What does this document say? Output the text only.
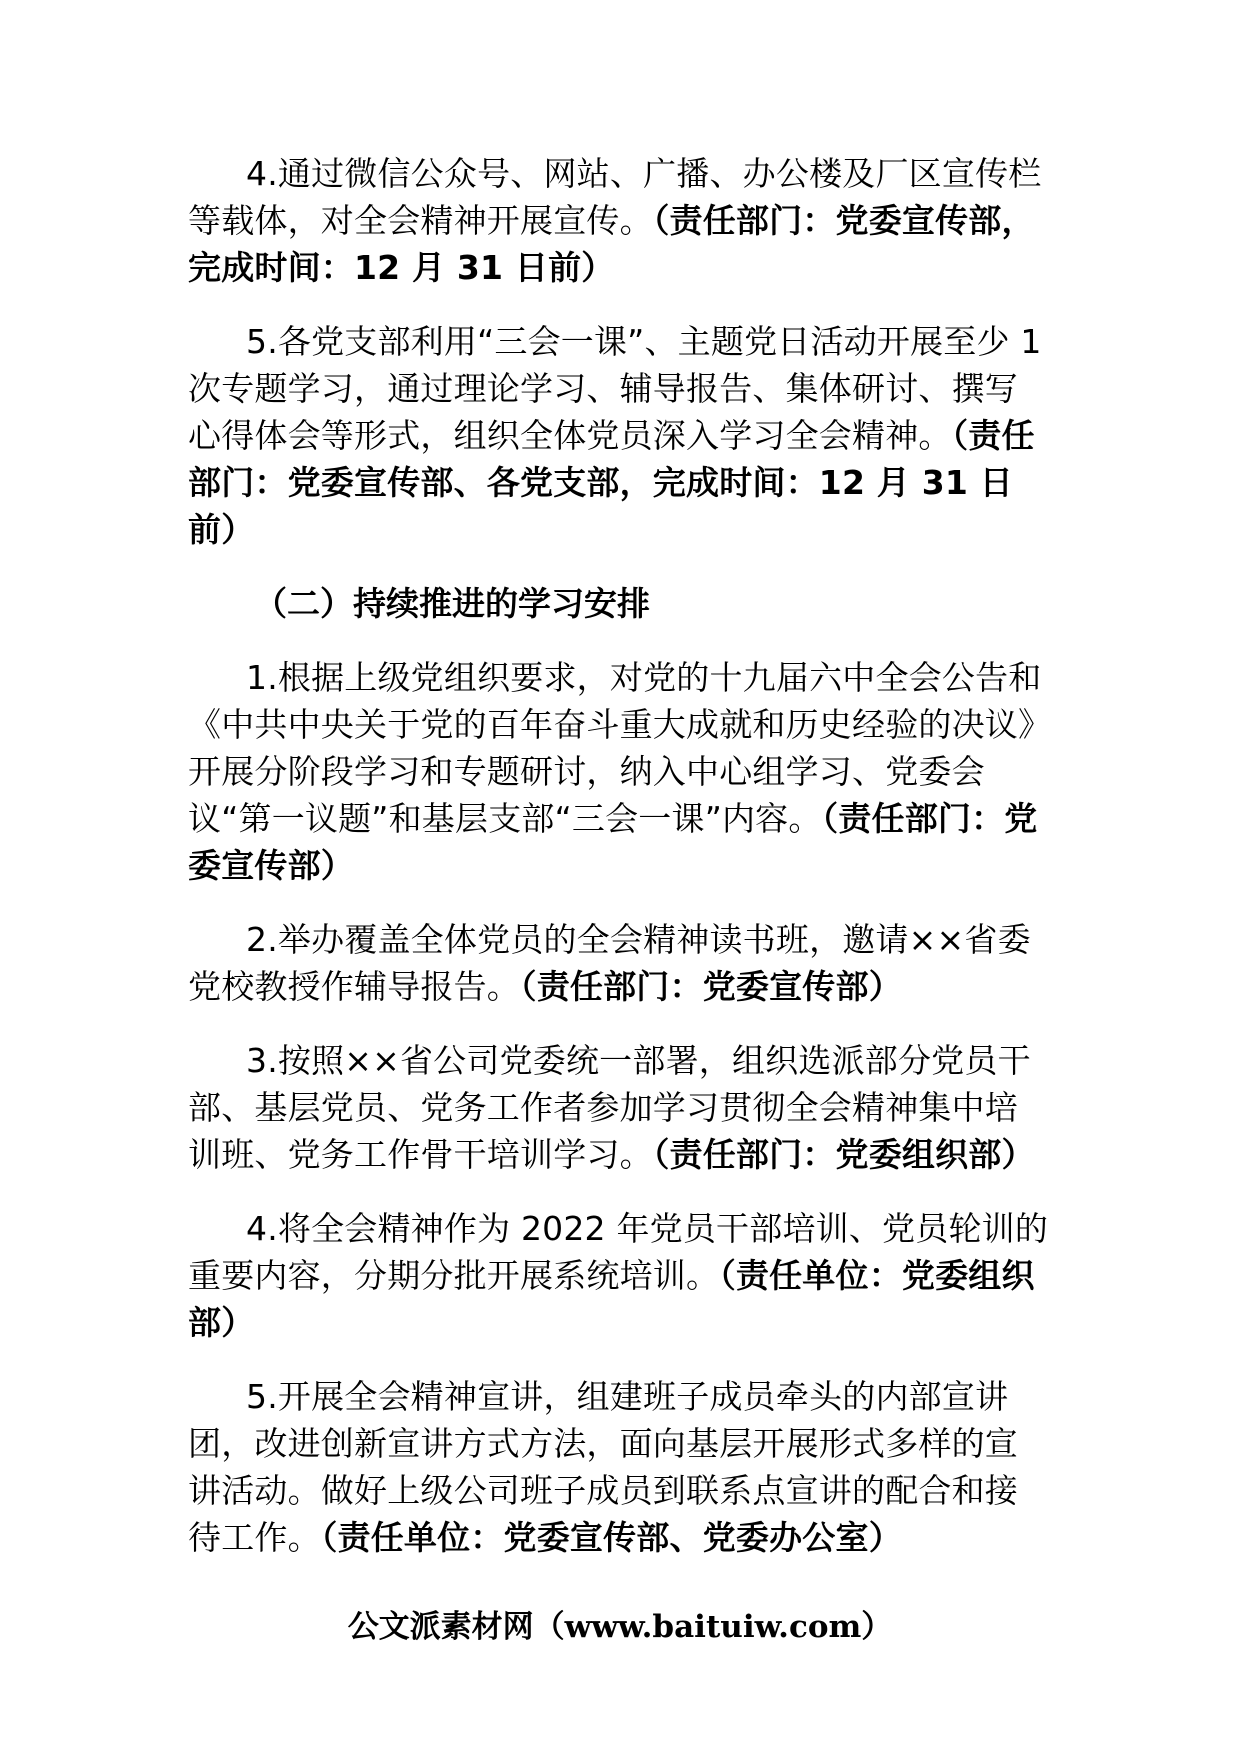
4.通过微信公众号、网站、广播、办公楼及厂区宣传栏等载体，对全会精神开展宣传。（责任部门：党委宣传部，完成时间：12 月 31 日前）

5.各党支部利用“三会一课”、主题党日活动开展至少 1 次专题学习，通过理论学习、辅导报告、集体研讨、撰写心得体会等形式，组织全体党员深入学习全会精神。（责任部门：党委宣传部、各党支部，完成时间：12 月 31 日前）

（二）持续推进的学习安排

1.根据上级党组织要求，对党的十九届六中全会公告和《中共中央关于党的百年奋斗重大成就和历史经验的决议》开展分阶段学习和专题研讨，纳入中心组学习、党委会议“第一议题”和基层支部“三会一课”内容。（责任部门：党委宣传部）

2.举办覆盖全体党员的全会精神读书班，邀请××省委党校教授作辅导报告。（责任部门：党委宣传部）

3.按照××省公司党委统一部署，组织选派部分党员干部、基层党员、党务工作者参加学习贯彻全会精神集中培训班、党务工作骨干培训学习。（责任部门：党委组织部）

4.将全会精神作为 2022 年党员干部培训、党员轮训的重要内容，分期分批开展系统培训。（责任单位：党委组织部）

5.开展全会精神宣讲，组建班子成员牵头的内部宣讲团，改进创新宣讲方式方法，面向基层开展形式多样的宣讲活动。做好上级公司班子成员到联系点宣讲的配合和接待工作。（责任单位：党委宣传部、党委办公室）

公文派素材网（www.baituiw.com）
